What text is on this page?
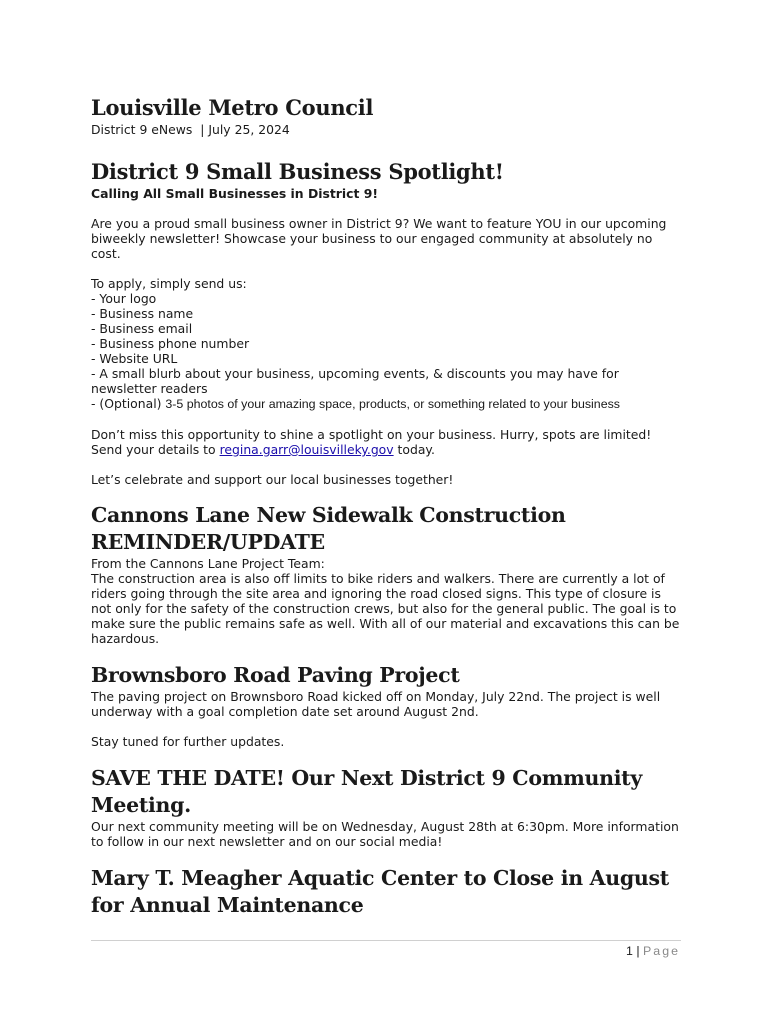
Louisville Metro Council
District 9 eNews  | July 25, 2024
District 9 Small Business Spotlight!

Calling All Small Businesses in District 9!

Are you a proud small business owner in District 9? We want to feature YOU in our upcoming biweekly newsletter! Showcase your business to our engaged community at absolutely no cost.

To apply, simply send us:

- Your logo

- Business name

- Business email

- Business phone number

- Website URL

- A small blurb about your business, upcoming events, & discounts you may have for newsletter readers

- (Optional) 3-5 photos of your amazing space, products, or something related to your business

Don’t miss this opportunity to shine a spotlight on your business. Hurry, spots are limited! Send your details to regina.garr@louisvilleky.gov today.

Let’s celebrate and support our local businesses together!

Cannons Lane New Sidewalk Construction REMINDER/UPDATE

From the Cannons Lane Project Team:

The construction area is also off limits to bike riders and walkers. There are currently a lot of riders going through the site area and ignoring the road closed signs. This type of closure is not only for the safety of the construction crews, but also for the general public. The goal is to make sure the public remains safe as well. With all of our material and excavations this can be hazardous.

Brownsboro Road Paving Project

The paving project on Brownsboro Road kicked off on Monday, July 22nd. The project is well underway with a goal completion date set around August 2nd.

Stay tuned for further updates.

SAVE THE DATE! Our Next District 9 Community Meeting.

Our next community meeting will be on Wednesday, August 28th at 6:30pm. More information to follow in our next newsletter and on our social media!

Mary T. Meagher Aquatic Center to Close in August for Annual Maintenance
1 | Page
